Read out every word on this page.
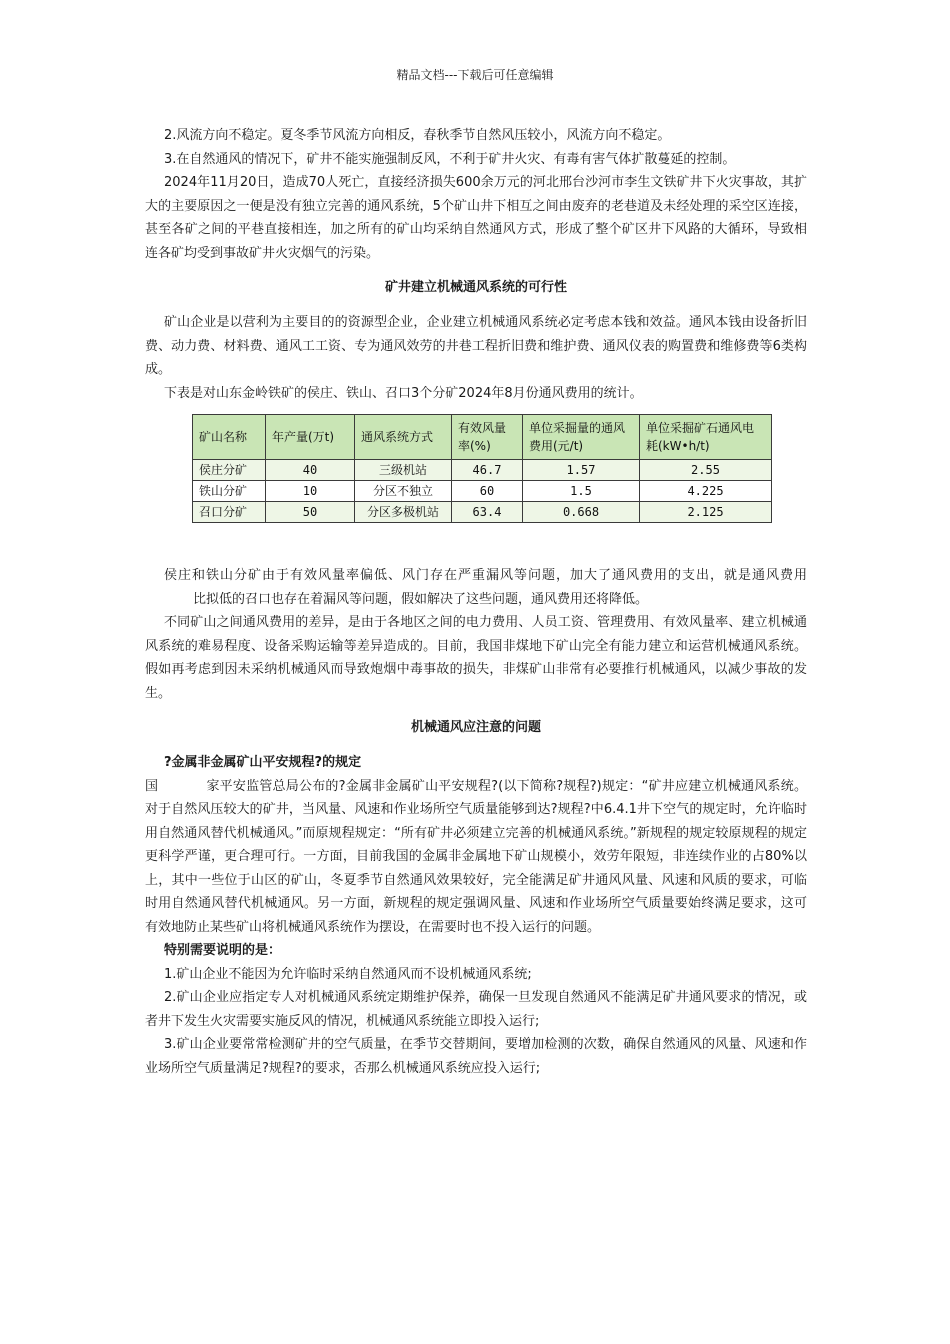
精品文档---下载后可任意编辑

2.风流方向不稳定。夏冬季节风流方向相反，春秋季节自然风压较小，风流方向不稳定。

3.在自然通风的情况下，矿井不能实施强制反风，不利于矿井火灾、有毒有害气体扩散蔓延的控制。

2024年11月20日，造成70人死亡，直接经济损失600余万元的河北邢台沙河市李生文铁矿井下火灾事故，其扩大的主要原因之一便是没有独立完善的通风系统，5个矿山井下相互之间由废弃的老巷道及未经处理的采空区连接，甚至各矿之间的平巷直接相连，加之所有的矿山均采纳自然通风方式，形成了整个矿区井下风路的大循环，导致相连各矿均受到事故矿井火灾烟气的污染。

矿井建立机械通风系统的可行性

矿山企业是以营利为主要目的的资源型企业，企业建立机械通风系统必定考虑本钱和效益。通风本钱由设备折旧费、动力费、材料费、通风工工资、专为通风效劳的井巷工程折旧费和维护费、通风仪表的购置费和维修费等6类构成。

下表是对山东金岭铁矿的侯庄、铁山、召口3个分矿2024年8月份通风费用的统计。

矿山名称	年产量(万t)	通风系统方式	有效风量率(%)	单位采掘量的通风费用(元/t)	单位采掘矿石通风电耗(kW•h/t)
侯庄分矿	40	三级机站	46.7	1.57	2.55
铁山分矿	10	分区不独立	60	1.5	4.225
召口分矿	50	分区多极机站	63.4	0.668	2.125

侯庄和铁山分矿由于有效风量率偏低、风门存在严重漏风等问题，加大了通风费用的支出，就是通风费用比拟低的召口也存在着漏风等问题，假如解决了这些问题，通风费用还将降低。

不同矿山之间通风费用的差异，是由于各地区之间的电力费用、人员工资、管理费用、有效风量率、建立机械通风系统的难易程度、设备采购运输等差异造成的。目前，我国非煤地下矿山完全有能力建立和运营机械通风系统。假如再考虑到因未采纳机械通风而导致炮烟中毒事故的损失，非煤矿山非常有必要推行机械通风，以减少事故的发生。

机械通风应注意的问题

?金属非金属矿山平安规程?的规定

国	家平安监管总局公布的?金属非金属矿山平安规程?(以下简称?规程?)规定：“矿井应建立机械通风系统。对于自然风压较大的矿井，当风量、风速和作业场所空气质量能够到达?规程?中6.4.1井下空气的规定时，允许临时用自然通风替代机械通风。”而原规程规定：“所有矿井必须建立完善的机械通风系统。”新规程的规定较原规程的规定更科学严谨，更合理可行。一方面，目前我国的金属非金属地下矿山规模小，效劳年限短，非连续作业的占80%以上，其中一些位于山区的矿山，冬夏季节自然通风效果较好，完全能满足矿井通风风量、风速和风质的要求，可临时用自然通风替代机械通风。另一方面，新规程的规定强调风量、风速和作业场所空气质量要始终满足要求，这可有效地防止某些矿山将机械通风系统作为摆设，在需要时也不投入运行的问题。

特别需要说明的是：

1.矿山企业不能因为允许临时采纳自然通风而不设机械通风系统;

2.矿山企业应指定专人对机械通风系统定期维护保养，确保一旦发现自然通风不能满足矿井通风要求的情况，或者井下发生火灾需要实施反风的情况，机械通风系统能立即投入运行;

3.矿山企业要常常检测矿井的空气质量，在季节交替期间，要增加检测的次数，确保自然通风的风量、风速和作业场所空气质量满足?规程?的要求，否那么机械通风系统应投入运行;
